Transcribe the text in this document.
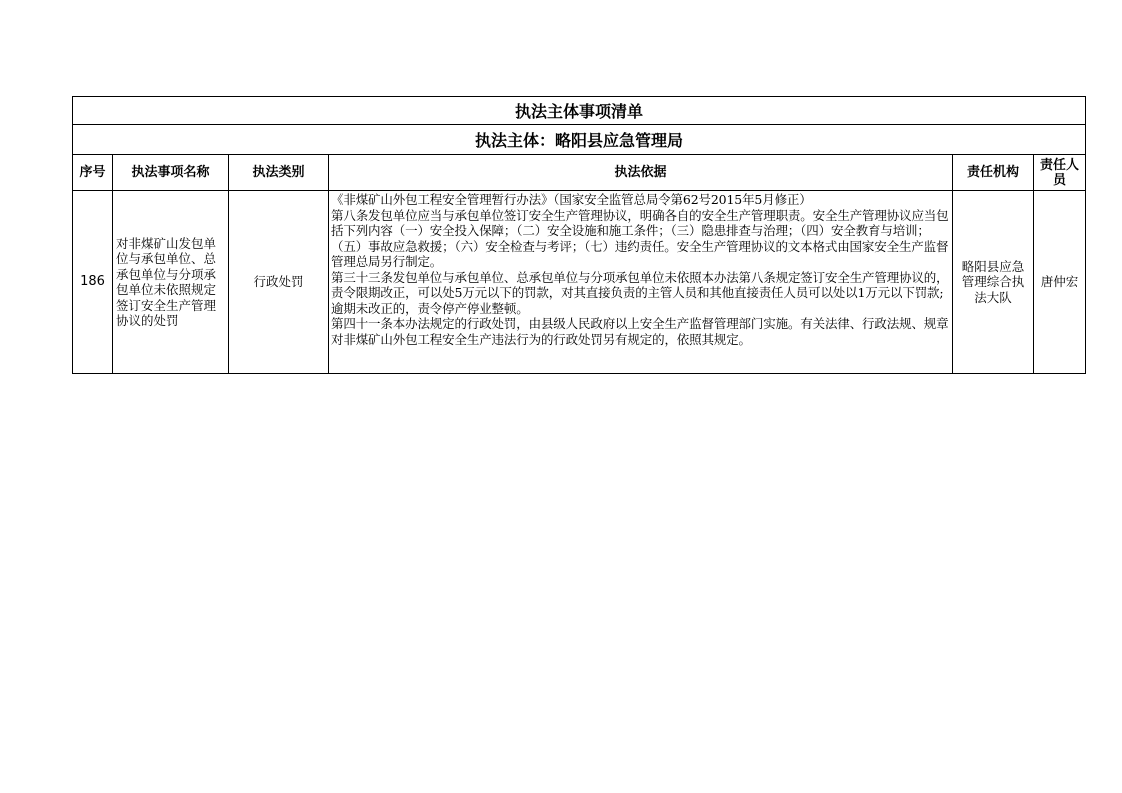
执法主体事项清单					
执法主体：略阳县应急管理局					
序号	执法事项名称	执法类别	执法依据	责任机构	责任人员
186	对非煤矿山发包单位与承包单位、总承包单位与分项承包单位未依照规定签订安全生产管理协议的处罚	行政处罚	《非煤矿山外包工程安全管理暂行办法》（国家安全监管总局令第62号2015年5月修正）
第八条发包单位应当与承包单位签订安全生产管理协议，明确各自的安全生产管理职责。安全生产管理协议应当包括下列内容（一）安全投入保障；（二）安全设施和施工条件；（三）隐患排查与治理；（四）安全教育与培训；（五）事故应急救援；（六）安全检查与考评；（七）违约责任。安全生产管理协议的文本格式由国家安全生产监督管理总局另行制定。
第三十三条发包单位与承包单位、总承包单位与分项承包单位未依照本办法第八条规定签订安全生产管理协议的，责令限期改正，可以处5万元以下的罚款，对其直接负责的主管人员和其他直接责任人员可以处以1万元以下罚款;逾期未改正的，责令停产停业整顿。
第四十一条本办法规定的行政处罚，由县级人民政府以上安全生产监督管理部门实施。有关法律、行政法规、规章对非煤矿山外包工程安全生产违法行为的行政处罚另有规定的，依照其规定。	略阳县应急管理综合执法大队	唐仲宏
